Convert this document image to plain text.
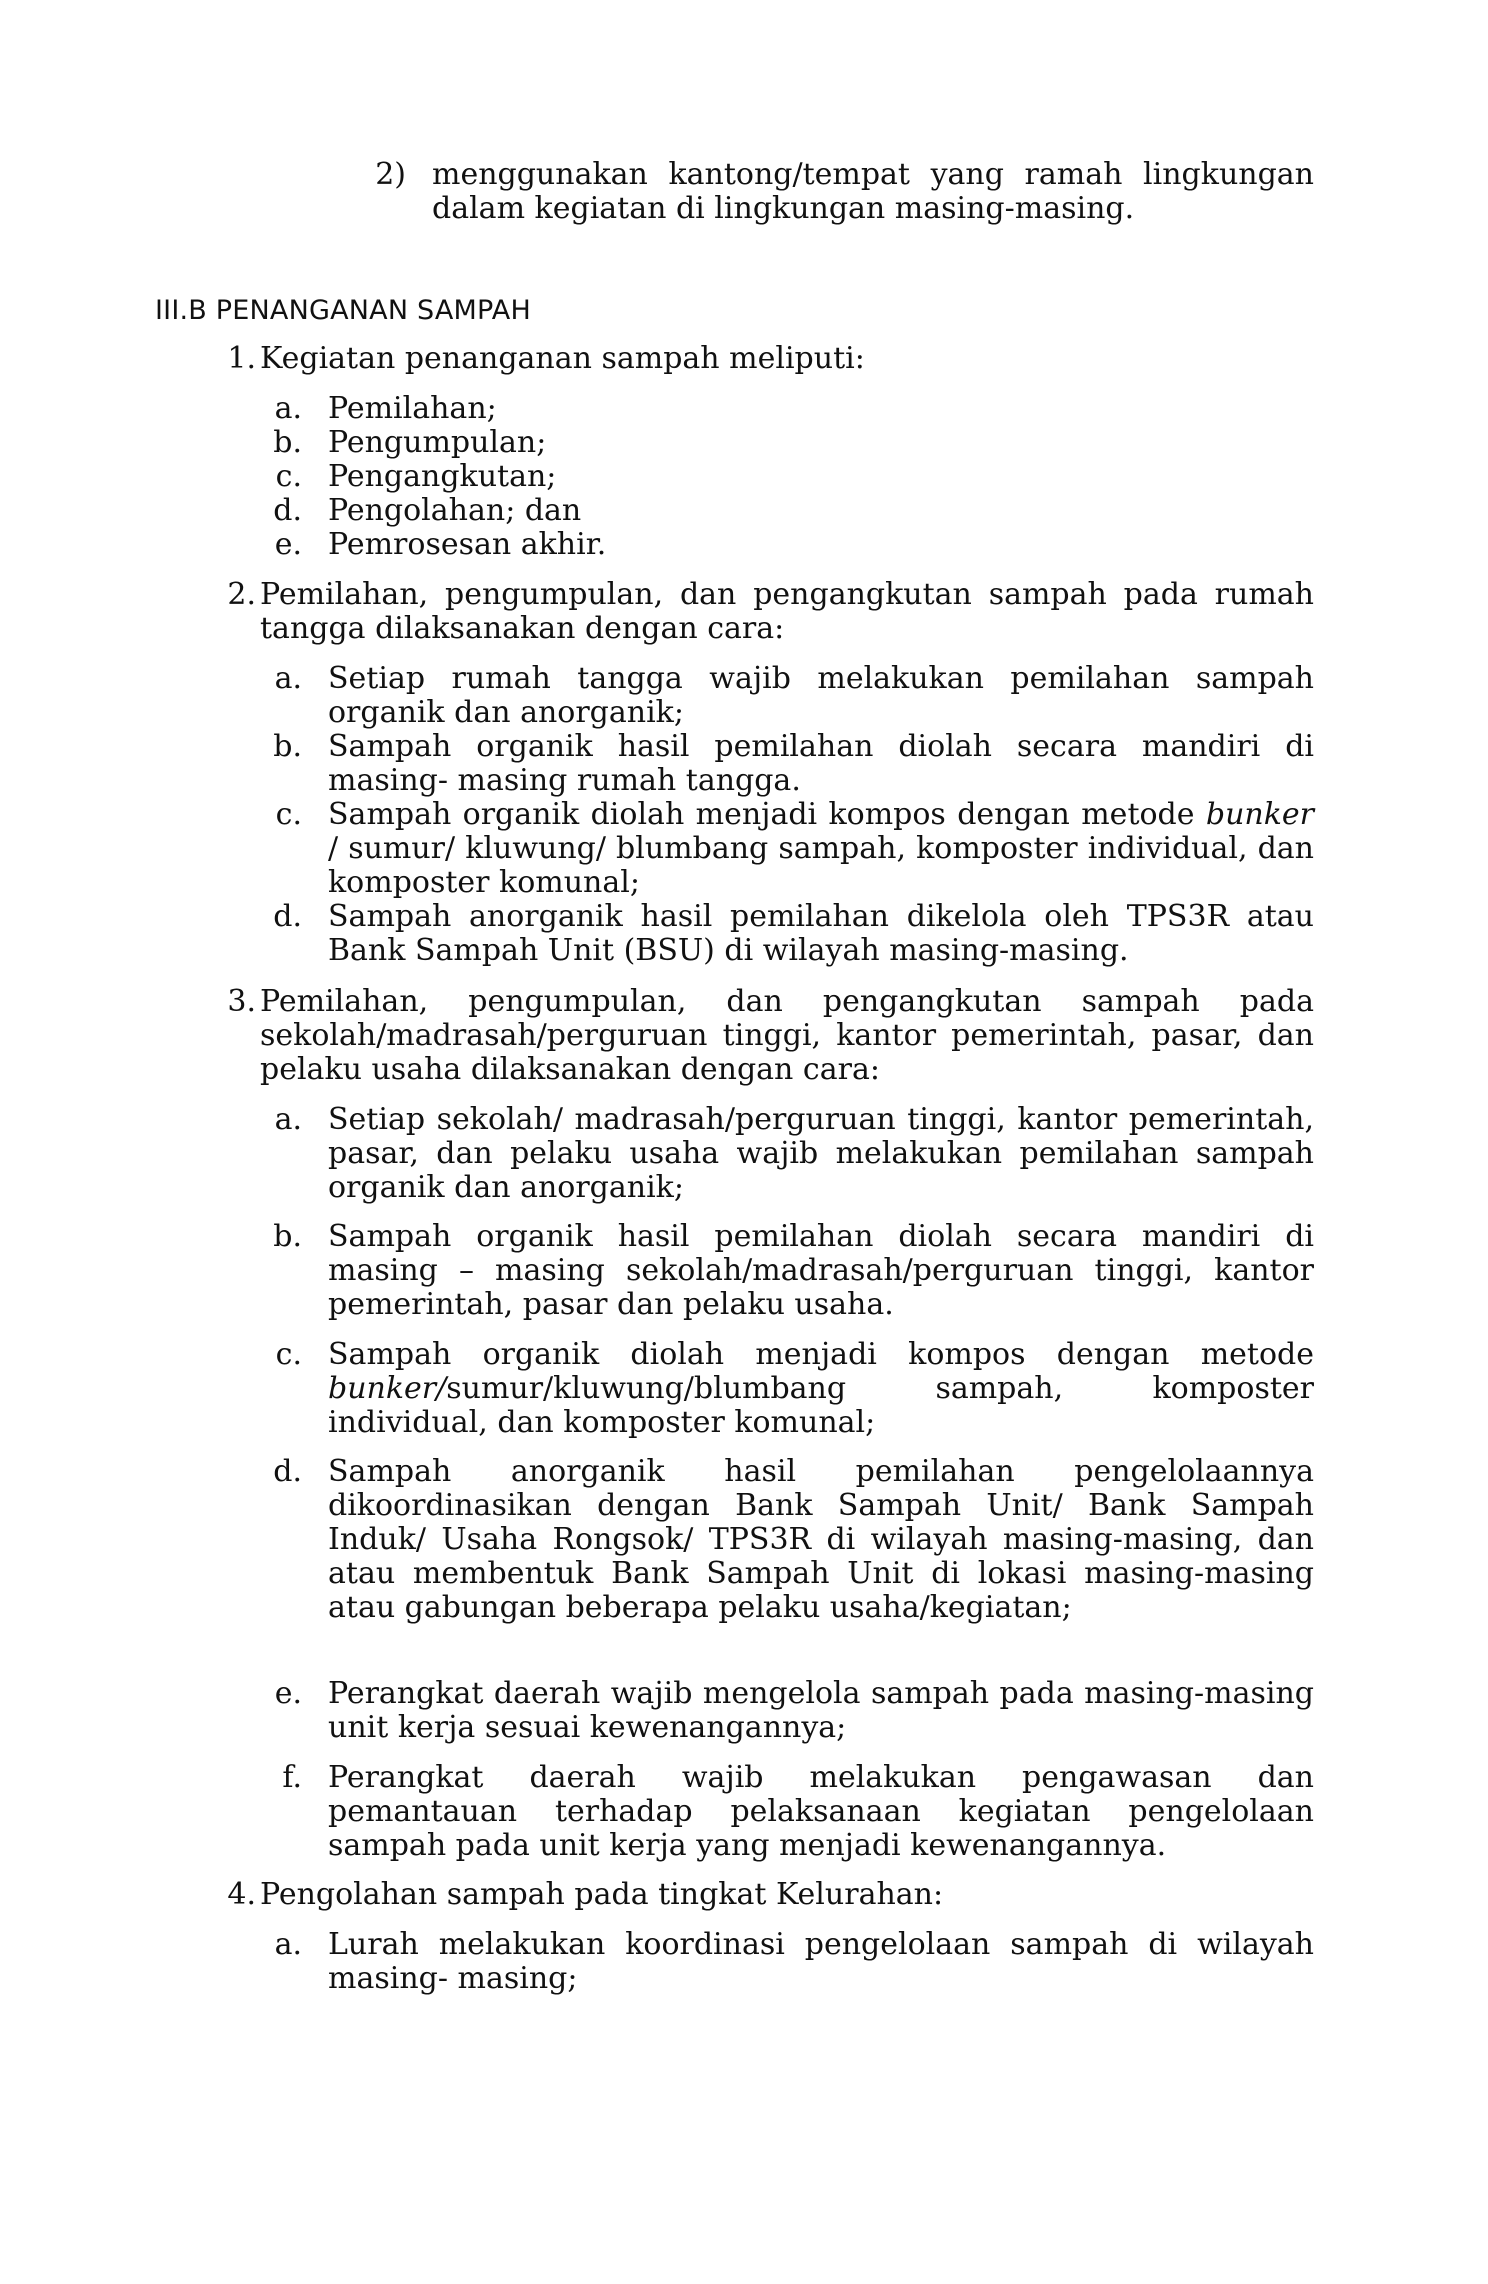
2) menggunakan kantong/tempat yang ramah lingkungan dalam kegiatan di lingkungan masing-masing.
III.B PENANGANAN SAMPAH
1. Kegiatan penanganan sampah meliputi:
a. Pemilahan;
b. Pengumpulan;
c. Pengangkutan;
d. Pengolahan; dan
e. Pemrosesan akhir.
2. Pemilahan, pengumpulan, dan pengangkutan sampah pada rumah tangga dilaksanakan dengan cara:
a. Setiap rumah tangga wajib melakukan pemilahan sampah organik dan anorganik;
b. Sampah organik hasil pemilahan diolah secara mandiri di masing- masing rumah tangga.
c. Sampah organik diolah menjadi kompos dengan metode bunker / sumur/ kluwung/ blumbang sampah, komposter individual, dan komposter komunal;
d. Sampah anorganik hasil pemilahan dikelola oleh TPS3R atau Bank Sampah Unit (BSU) di wilayah masing-masing.
3. Pemilahan, pengumpulan, dan pengangkutan sampah pada sekolah/madrasah/perguruan tinggi, kantor pemerintah, pasar, dan pelaku usaha dilaksanakan dengan cara:
a. Setiap sekolah/ madrasah/perguruan tinggi, kantor pemerintah, pasar, dan pelaku usaha wajib melakukan pemilahan sampah organik dan anorganik;
b. Sampah organik hasil pemilahan diolah secara mandiri di masing – masing sekolah/madrasah/perguruan tinggi, kantor pemerintah, pasar dan pelaku usaha.
c. Sampah organik diolah menjadi kompos dengan metode bunker/sumur/kluwung/blumbang sampah, komposter individual, dan komposter komunal;
d. Sampah anorganik hasil pemilahan pengelolaannya dikoordinasikan dengan Bank Sampah Unit/ Bank Sampah Induk/ Usaha Rongsok/ TPS3R di wilayah masing-masing, dan atau membentuk Bank Sampah Unit di lokasi masing-masing atau gabungan beberapa pelaku usaha/kegiatan;
e. Perangkat daerah wajib mengelola sampah pada masing-masing unit kerja sesuai kewenangannya;
f. Perangkat daerah wajib melakukan pengawasan dan pemantauan terhadap pelaksanaan kegiatan pengelolaan sampah pada unit kerja yang menjadi kewenangannya.
4. Pengolahan sampah pada tingkat Kelurahan:
a. Lurah melakukan koordinasi pengelolaan sampah di wilayah masing- masing;
